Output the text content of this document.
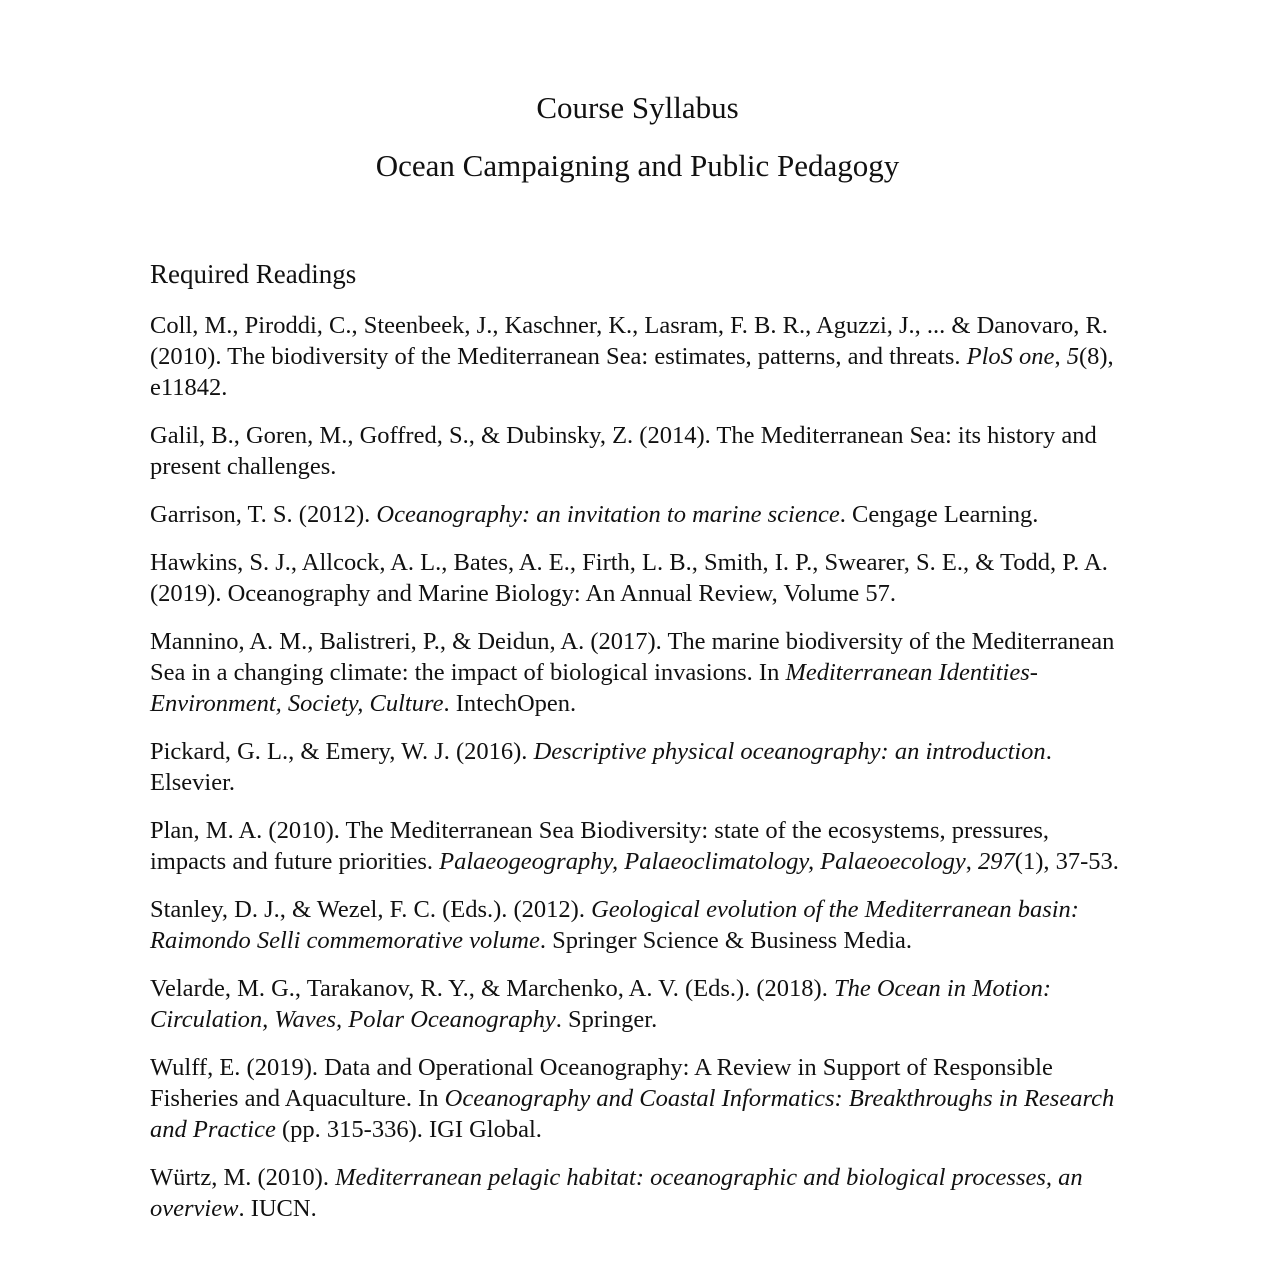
Course Syllabus
Ocean Campaigning and Public Pedagogy
Required Readings
Coll, M., Piroddi, C., Steenbeek, J., Kaschner, K., Lasram, F. B. R., Aguzzi, J., ... & Danovaro, R. (2010). The biodiversity of the Mediterranean Sea: estimates, patterns, and threats. PloS one, 5(8), e11842.
Galil, B., Goren, M., Goffred, S., & Dubinsky, Z. (2014). The Mediterranean Sea: its history and present challenges.
Garrison, T. S. (2012). Oceanography: an invitation to marine science. Cengage Learning.
Hawkins, S. J., Allcock, A. L., Bates, A. E., Firth, L. B., Smith, I. P., Swearer, S. E., & Todd, P. A. (2019). Oceanography and Marine Biology: An Annual Review, Volume 57.
Mannino, A. M., Balistreri, P., & Deidun, A. (2017). The marine biodiversity of the Mediterranean Sea in a changing climate: the impact of biological invasions. In Mediterranean Identities-Environment, Society, Culture. IntechOpen.
Pickard, G. L., & Emery, W. J. (2016). Descriptive physical oceanography: an introduction. Elsevier.
Plan, M. A. (2010). The Mediterranean Sea Biodiversity: state of the ecosystems, pressures, impacts and future priorities. Palaeogeography, Palaeoclimatology, Palaeoecology, 297(1), 37-53.
Stanley, D. J., & Wezel, F. C. (Eds.). (2012). Geological evolution of the Mediterranean basin: Raimondo Selli commemorative volume. Springer Science & Business Media.
Velarde, M. G., Tarakanov, R. Y., & Marchenko, A. V. (Eds.). (2018). The Ocean in Motion: Circulation, Waves, Polar Oceanography. Springer.
Wulff, E. (2019). Data and Operational Oceanography: A Review in Support of Responsible Fisheries and Aquaculture. In Oceanography and Coastal Informatics: Breakthroughs in Research and Practice (pp. 315-336). IGI Global.
Würtz, M. (2010). Mediterranean pelagic habitat: oceanographic and biological processes, an overview. IUCN.
